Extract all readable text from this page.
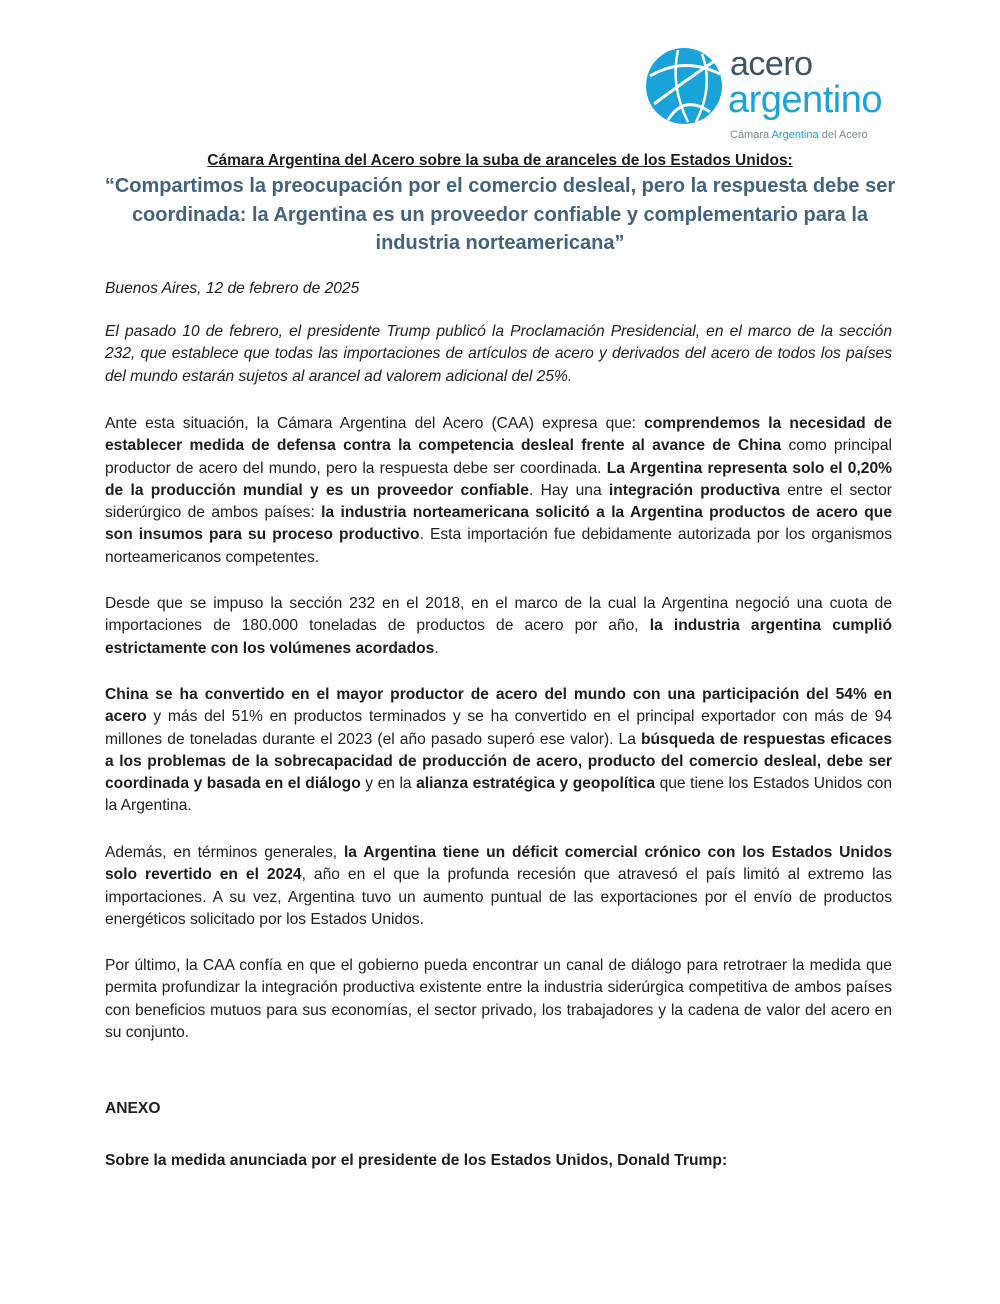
acero
argentino
Cámara Argentina del Acero
Cámara Argentina del Acero sobre la suba de aranceles de los Estados Unidos:
“Compartimos la preocupación por el comercio desleal, pero la respuesta debe ser coordinada: la Argentina es un proveedor confiable y complementario para la industria norteamericana”
Buenos Aires, 12 de febrero de 2025
El pasado 10 de febrero, el presidente Trump publicó la Proclamación Presidencial, en el marco de la sección 232, que establece que todas las importaciones de artículos de acero y derivados del acero de todos los países del mundo estarán sujetos al arancel ad valorem adicional del 25%.
Ante esta situación, la Cámara Argentina del Acero (CAA) expresa que: comprendemos la necesidad de establecer medida de defensa contra la competencia desleal frente al avance de China como principal productor de acero del mundo, pero la respuesta debe ser coordinada. La Argentina representa solo el 0,20% de la producción mundial y es un proveedor confiable. Hay una integración productiva entre el sector siderúrgico de ambos países: la industria norteamericana solicitó a la Argentina productos de acero que son insumos para su proceso productivo. Esta importación fue debidamente autorizada por los organismos norteamericanos competentes.
Desde que se impuso la sección 232 en el 2018, en el marco de la cual la Argentina negoció una cuota de importaciones de 180.000 toneladas de productos de acero por año, la industria argentina cumplió estrictamente con los volúmenes acordados.
China se ha convertido en el mayor productor de acero del mundo con una participación del 54% en acero y más del 51% en productos terminados y se ha convertido en el principal exportador con más de 94 millones de toneladas durante el 2023 (el año pasado superó ese valor). La búsqueda de respuestas eficaces a los problemas de la sobrecapacidad de producción de acero, producto del comercio desleal, debe ser coordinada y basada en el diálogo y en la alianza estratégica y geopolítica que tiene los Estados Unidos con la Argentina.
Además, en términos generales, la Argentina tiene un déficit comercial crónico con los Estados Unidos solo revertido en el 2024, año en el que la profunda recesión que atravesó el país limitó al extremo las importaciones. A su vez, Argentina tuvo un aumento puntual de las exportaciones por el envío de productos energéticos solicitado por los Estados Unidos.
Por último, la CAA confía en que el gobierno pueda encontrar un canal de diálogo para retrotraer la medida que permita profundizar la integración productiva existente entre la industria siderúrgica competitiva de ambos países con beneficios mutuos para sus economías, el sector privado, los trabajadores y la cadena de valor del acero en su conjunto.
ANEXO
Sobre la medida anunciada por el presidente de los Estados Unidos, Donald Trump:
